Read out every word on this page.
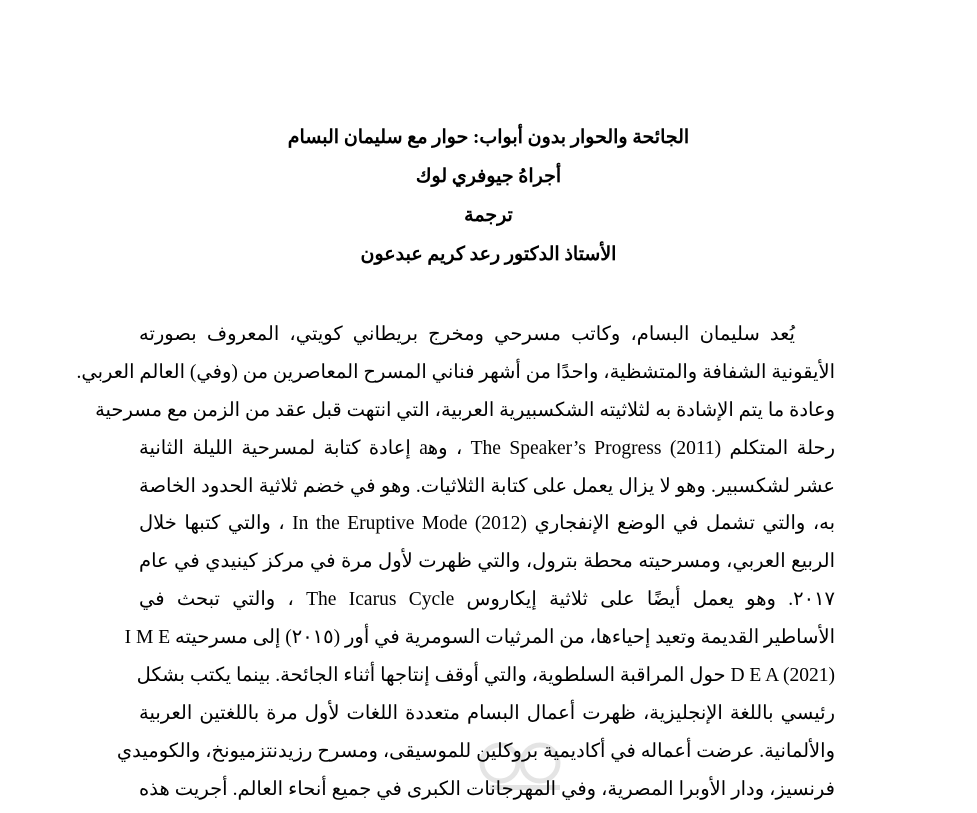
الجائحة والحوار بدون أبواب: حوار مع سليمان البسام
أجراهُ جيوفري لوك
ترجمة
الأستاذ الدكتور رعد كريم عبدعون
يُعد سليمان البسام، وكاتب مسرحي ومخرج بريطاني كويتي، المعروف بصورته
الأيقونية الشفافة والمتشظية، واحدًا من أشهر فناني المسرح المعاصرين من (وفي) العالم العربي.
وعادة ما يتم الإشادة به لثلاثيته الشكسبيرية العربية، التي انتهت قبل عقد من الزمن مع مسرحية
رحلة المتكلم The Speaker’s Progress (2011) ، وه‍a إعادة كتابة لمسرحية الليلة الثانية
عشر لشكسبير. وهو لا يزال يعمل على كتابة الثلاثيات. وهو في خضم ثلاثية الحدود الخاصة
به، والتي تشمل في الوضع الإنفجاري In the Eruptive Mode (2012) ، والتي كتبها خلال
الربيع العربي، ومسرحيته محطة بترول، والتي ظهرت لأول مرة في مركز كينيدي في عام
٢٠١٧. وهو يعمل أيضًا على ثلاثية إيكاروس The Icarus Cycle ، والتي تبحث في
الأساطير القديمة وتعيد إحياءها، من المرثيات السومرية في أور (٢٠١٥) إلى مسرحيته I M E
D E A (2021) حول المراقبة السلطوية، والتي أوقف إنتاجها أثناء الجائحة. بينما يكتب بشكل
رئيسي باللغة الإنجليزية، ظهرت أعمال البسام متعددة اللغات لأول مرة باللغتين العربية
والألمانية. عرضت أعماله في أكاديمية بروكلين للموسيقى، ومسرح رزيدنتزميونخ، والكوميدي
فرنسيز، ودار الأوبرا المصرية، وفي المهرجانات الكبرى في جميع أنحاء العالم. أجريت هذه
